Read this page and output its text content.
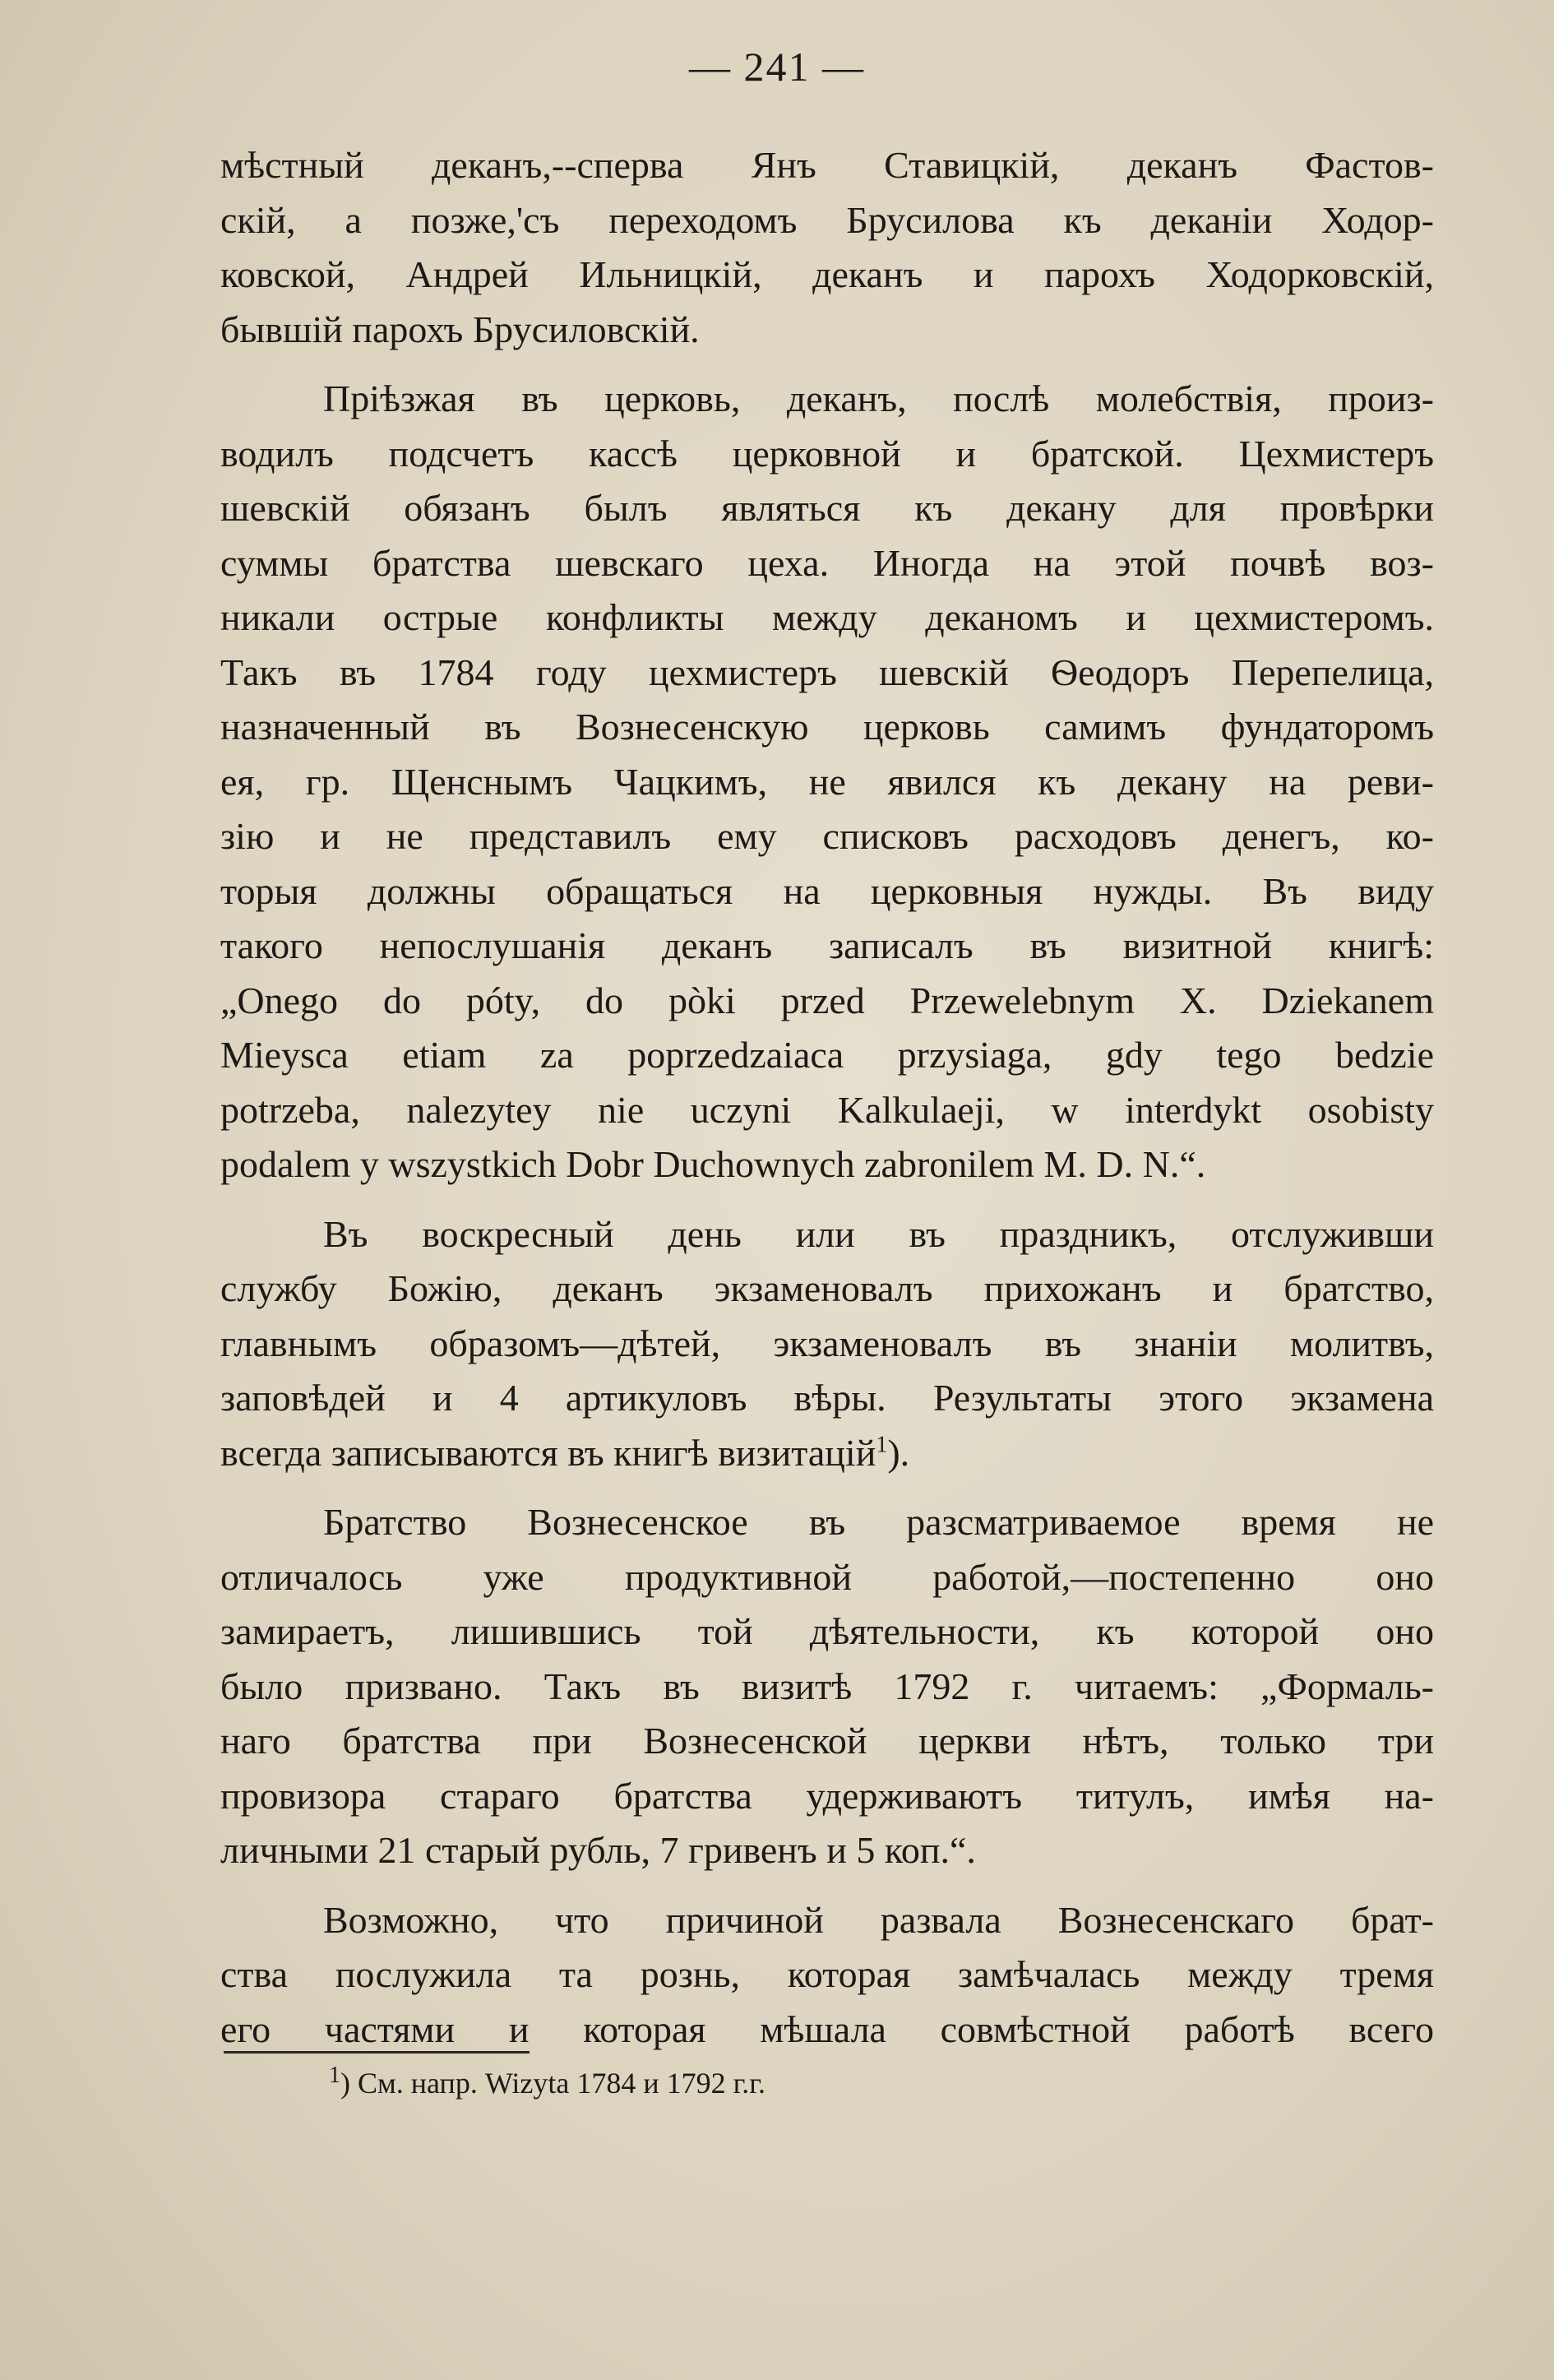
— 241 —
мѣстный деканъ,--сперва Янъ Ставицкій, деканъ Фастов-
скій, а позже,'съ переходомъ Брусилова къ деканіи Ходор-
ковской, Андрей Ильницкій, деканъ и парохъ Ходорковскій,
бывшій парохъ Брусиловскій.
Пріѣзжая въ церковь, деканъ, послѣ молебствія, произ-
водилъ подсчетъ кассѣ церковной и братской. Цехмистеръ
шевскій обязанъ былъ являться къ декану для провѣрки
суммы братства шевскаго цеха. Иногда на этой почвѣ воз-
никали острые конфликты между деканомъ и цехмистеромъ.
Такъ въ 1784 году цехмистеръ шевскій Ѳеодоръ Перепелица,
назначенный въ Вознесенскую церковь самимъ фундаторомъ
ея, гр. Щенснымъ Чацкимъ, не явился къ декану на реви-
зію и не представилъ ему списковъ расходовъ денегъ, ко-
торыя должны обращаться на церковныя нужды. Въ виду
такого непослушанія деканъ записалъ въ визитной книгѣ:
„Onego do póty, do pòki przed Przewelebnym X. Dziekanem
Mieysca etiam za poprzedzaiaca przysiaga, gdy tego bedzie
potrzeba, nalezytey nie uczyni Kalkulaeji, w interdykt osobisty
podalem y wszystkich Dobr Duchownych zabronilem M. D. N.“.
Въ воскресный день или въ праздникъ, отслуживши
службу Божію, деканъ экзаменовалъ прихожанъ и братство,
главнымъ образомъ—дѣтей, экзаменовалъ въ знаніи молитвъ,
заповѣдей и 4 артикуловъ вѣры. Результаты этого экзамена
всегда записываются въ книгѣ визитацій$^1$).
Братство Вознесенское въ разсматриваемое время не
отличалось уже продуктивной работой,—постепенно оно
замираетъ, лишившись той дѣятельности, къ которой оно
было призвано. Такъ въ визитѣ 1792 г. читаемъ: „Формаль-
наго братства при Вознесенской церкви нѣтъ, только три
провизора стараго братства удерживаютъ титулъ, имѣя на-
личными 21 старый рубль, 7 гривенъ и 5 коп.“.
Возможно, что причиной развала Вознесенскаго брат-
ства послужила та рознь, которая замѣчалась между тремя
его частями и которая мѣшала совмѣстной работѣ всего
$^1$) См. напр. Wizyta 1784 и 1792 г.г.
